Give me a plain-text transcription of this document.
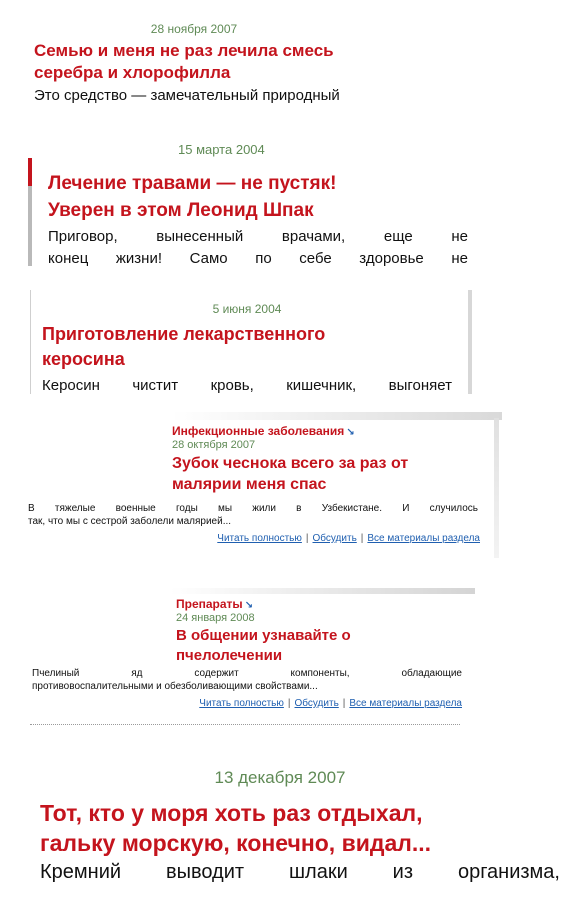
28 ноября 2007
Семью и меня не раз лечила смесь
серебра и хлорофилла
Это средство — замечательный природный
15 марта 2004
Лечение травами — не пустяк!
Уверен в этом Леонид Шпак
Приговор, вынесенный врачами, еще не
конец жизни! Само по себе здоровье не
5 июня 2004
Приготовление лекарственного
керосина
Керосин чистит кровь, кишечник, выгоняет
Инфекционные заболевания ↘
28 октября 2007
Зубок чеснока всего за раз от
малярии меня спас
В тяжелые военные годы мы жили в Узбекистане. И случилось
так, что мы с сестрой заболели малярией...
Читать полностью | Обсудить | Все материалы раздела
Препараты ↘
24 января 2008
В общении узнавайте о
пчелолечении
Пчелиный яд содержит компоненты, обладающие
противовоспалительными и обезболивающими свойствами...
Читать полностью | Обсудить | Все материалы раздела
13 декабря 2007
Тот, кто у моря хоть раз отдыхал,
гальку морскую, конечно, видал...
Кремний выводит шлаки из организма,
